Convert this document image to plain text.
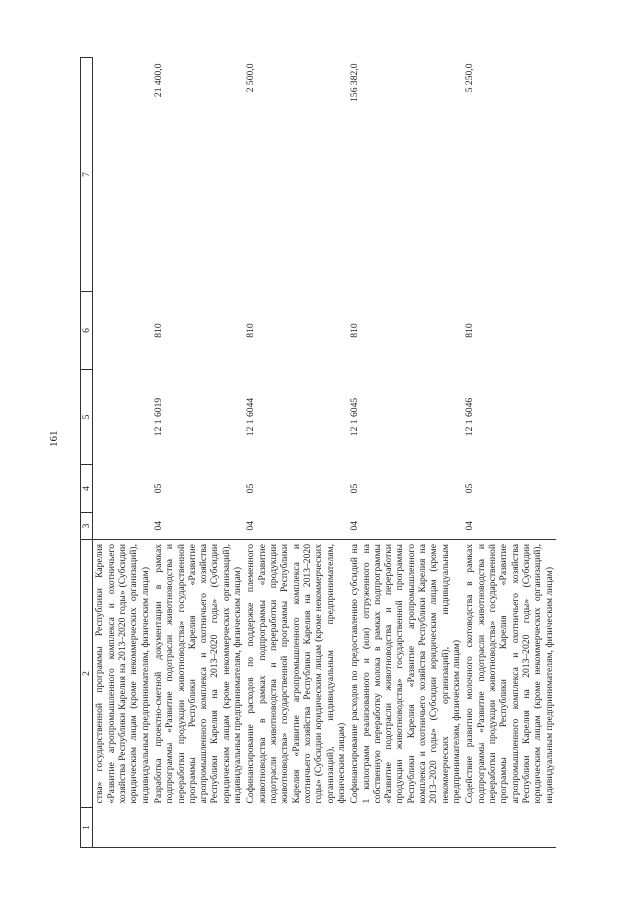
161
1	2	3	4	5	6	7
	ства» государственной программы Республики Карелия «Развитие агропромышленного комплекса и охотничьего хозяйства Республики Карелия на 2013–2020 годы» (Субсидии юридическим лицам (кроме некоммерческих организаций), индивидуальным предпринимателям, физическим лицам)					
	Разработка проектно-сметной документации в рамках подпрограммы «Развитие подотрасли животноводства и переработки продукции животноводства» государственной программы Республики Карелия «Развитие агропромышленного комплекса и охотничьего хозяйства Республики Карелия на 2013–2020 годы» (Субсидии юридическим лицам (кроме некоммерческих организаций), индивидуальным предпринимателям, физическим лицам)	04	05	12 1 6019	810	21 400,0
	Софинансирование расходов по поддержке племенного животноводства в рамках подпрограммы «Развитие подотрасли животноводства и переработки продукции животноводства» государственной программы Республики Карелия «Развитие агропромышленного комплекса и охотничьего хозяйства Республики Карелия на 2013–2020 годы» (Субсидии юридическим лицам (кроме некоммерческих организаций), индивидуальным предпринимателям, физическим лицам)	04	05	12 1 6044	810	2 500,0
	Софинансирование расходов по предоставлению субсидий на 1 килограмм реализованного и (или) отгруженного на собственную переработку молока в рамках подпрограммы «Развитие подотрасли животноводства и переработки продукции животноводства» государственной программы Республики Карелия «Развитие агропромышленного комплекса и охотничьего хозяйства Республики Карелия на 2013–2020 годы» (Субсидии юридическим лицам (кроме некоммерческих организаций), индивидуальным предпринимателям, физическим лицам)	04	05	12 1 6045	810	156 382,0
	Содействие развитию молочного скотоводства в рамках подпрограммы «Развитие подотрасли животноводства и переработки продукции животноводства» государственной программы Республики Карелия «Развитие агропромышленного комплекса и охотничьего хозяйства Республики Карелия на 2013–2020 годы» (Субсидии юридическим лицам (кроме некоммерческих организаций), индивидуальным предпринимателям, физическим лицам)	04	05	12 1 6046	810	5 250,0
